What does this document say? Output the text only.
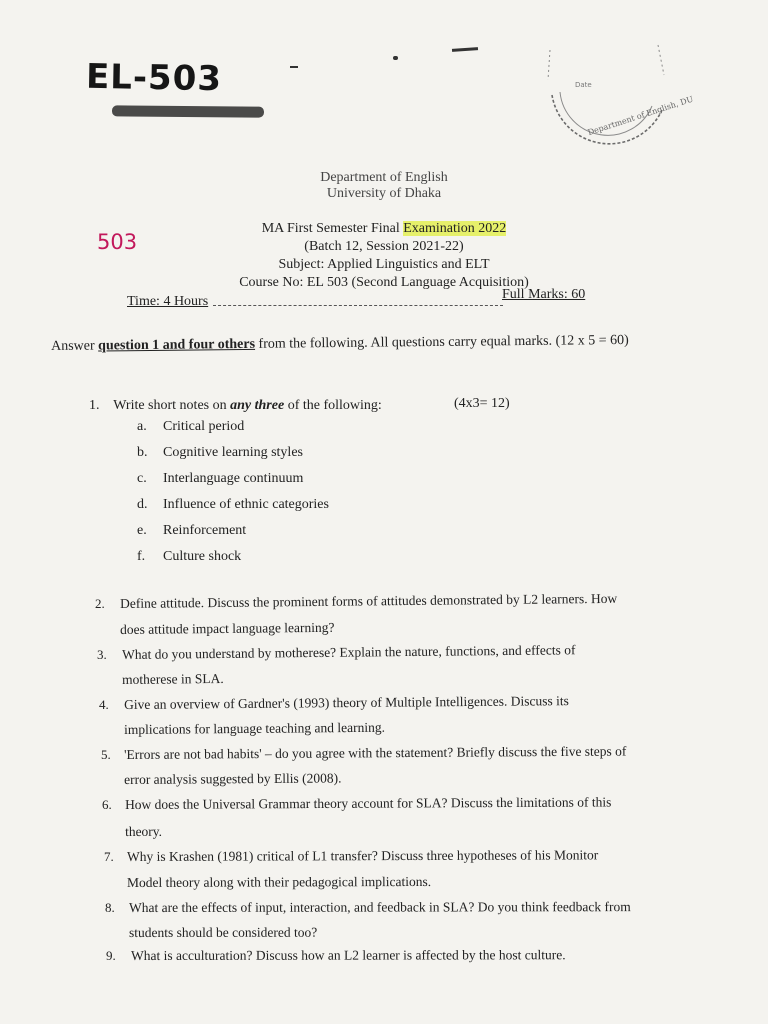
EL-503	Date
Department of English, DU
503
Department of English
University of Dhaka
MA First Semester Final Examination 2022
(Batch 12, Session 2021-22)
Subject: Applied Linguistics and ELT
Course No: EL 503 (Second Language Acquisition)
Time: 4 Hours	Full Marks: 60
Answer question 1 and four others from the following. All questions carry equal marks. (12 x 5 = 60)
1. Write short notes on any three of the following:	(4x3= 12)
a. Critical period
b. Cognitive learning styles
c. Interlanguage continuum
d. Influence of ethnic categories
e. Reinforcement
f. Culture shock
2. Define attitude. Discuss the prominent forms of attitudes demonstrated by L2 learners. How
does attitude impact language learning?
3. What do you understand by motherese? Explain the nature, functions, and effects of
motherese in SLA.
4. Give an overview of Gardner's (1993) theory of Multiple Intelligences. Discuss its
implications for language teaching and learning.
5. 'Errors are not bad habits' – do you agree with the statement? Briefly discuss the five steps of
error analysis suggested by Ellis (2008).
6. How does the Universal Grammar theory account for SLA? Discuss the limitations of this
theory.
7. Why is Krashen (1981) critical of L1 transfer? Discuss three hypotheses of his Monitor
Model theory along with their pedagogical implications.
8. What are the effects of input, interaction, and feedback in SLA? Do you think feedback from
students should be considered too?
9. What is acculturation? Discuss how an L2 learner is affected by the host culture.
